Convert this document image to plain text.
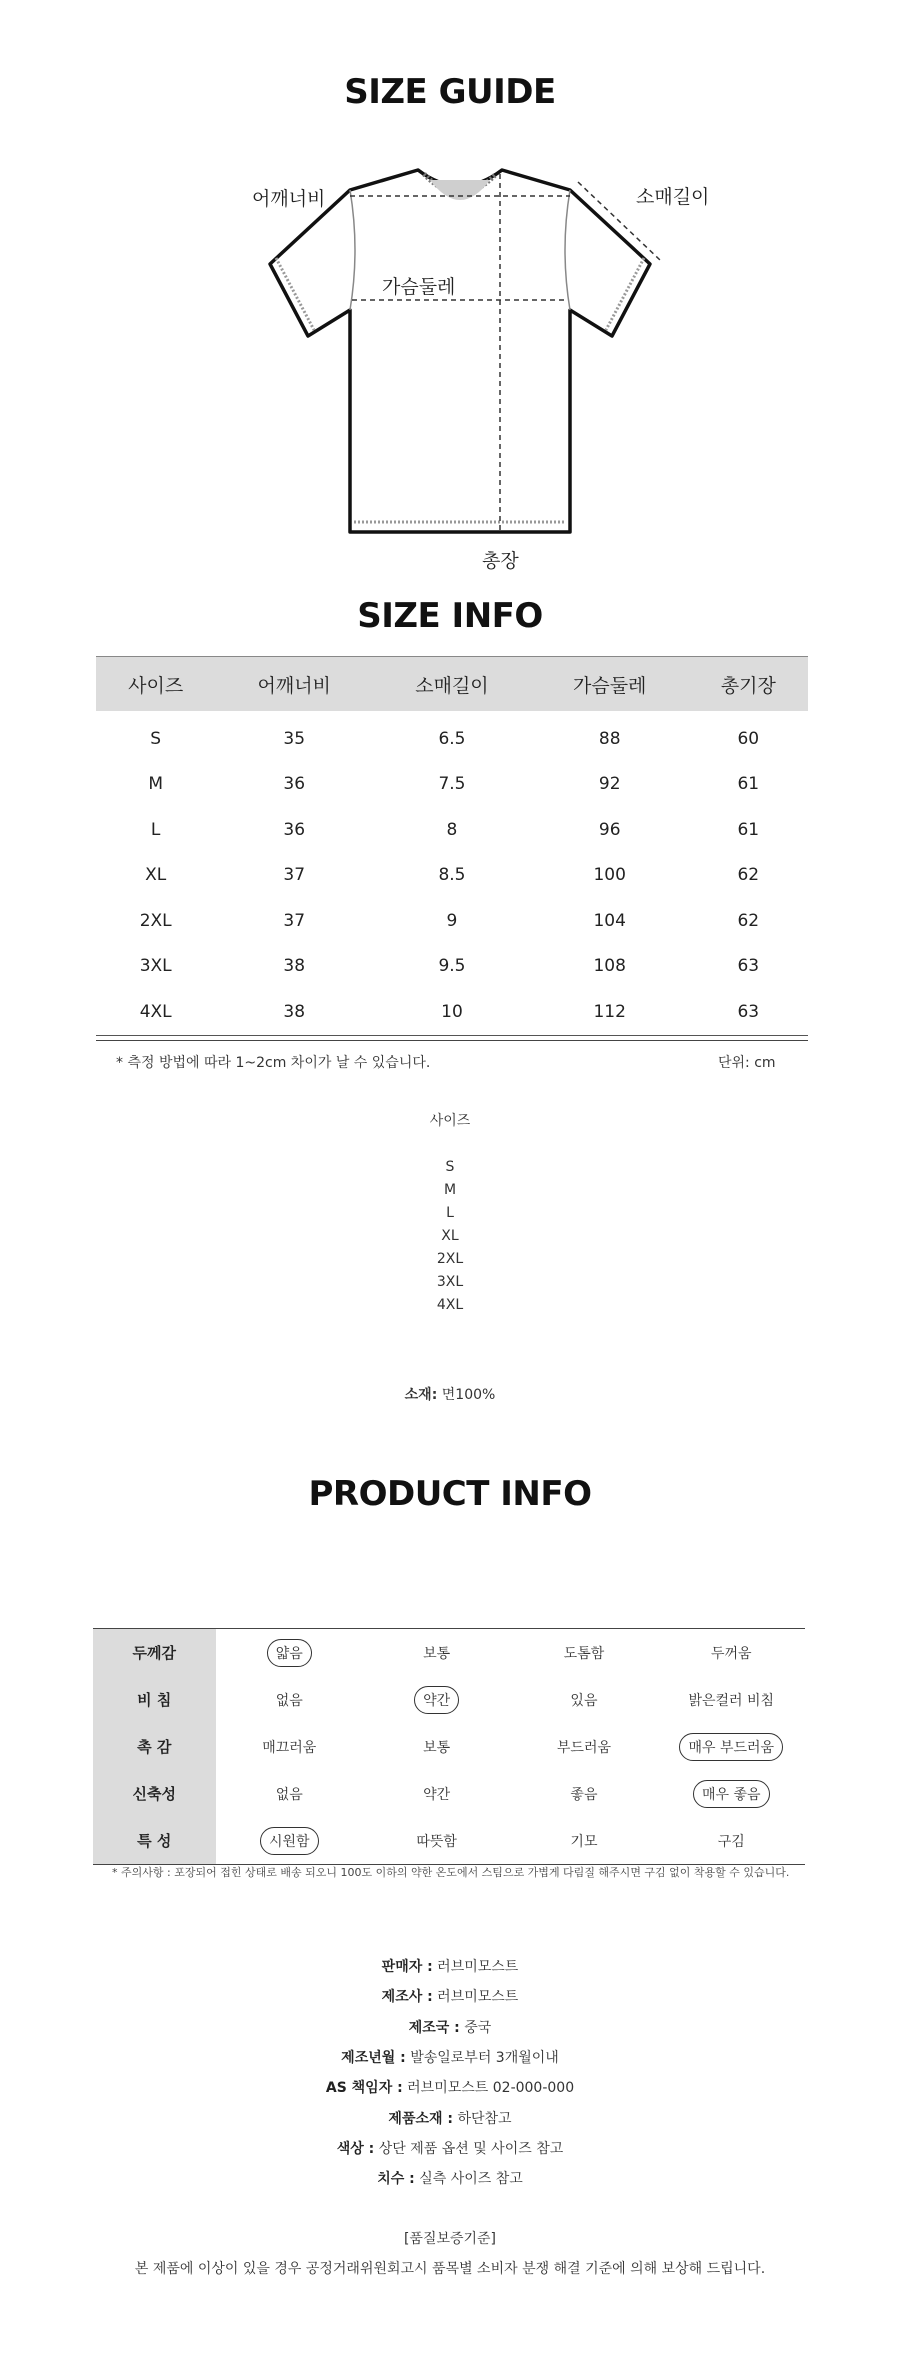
SIZE GUIDE
어깨너비	소매길이
가슴둘레
총장
SIZE INFO
사이즈	어깨너비	소매길이	가슴둘레	총기장
S	35	6.5	88	60
M	36	7.5	92	61
L	36	8	96	61
XL	37	8.5	100	62
2XL	37	9	104	62
3XL	38	9.5	108	63
4XL	38	10	112	63
* 측정 방법에 따라 1~2cm 차이가 날 수 있습니다.	단위: cm
사이즈
S
M
L
XL
2XL
3XL
4XL
소재: 면100%
PRODUCT INFO
두께감	얇음	보통	도톰함	두꺼움
비 침	없음	약간	있음	밝은컬러 비침
촉 감	매끄러움	보통	부드러움	매우 부드러움
신축성	없음	약간	좋음	매우 좋음
특 성	시원함	따뜻함	기모	구김
* 주의사항 : 포장되어 접힌 상태로 배송 되오니 100도 이하의 약한 온도에서 스팀으로 가볍게 다림질 해주시면 구김 없이 착용할 수 있습니다.
판매자 : 러브미모스트
제조사 : 러브미모스트
제조국 : 중국
제조년월 : 발송일로부터 3개월이내
AS 책임자 : 러브미모스트 02-000-000
제품소재 : 하단참고
색상 : 상단 제품 옵션 및 사이즈 참고
치수 : 실측 사이즈 참고
[품질보증기준]
본 제품에 이상이 있을 경우 공정거래위원회고시 품목별 소비자 분쟁 해결 기준에 의해 보상해 드립니다.
